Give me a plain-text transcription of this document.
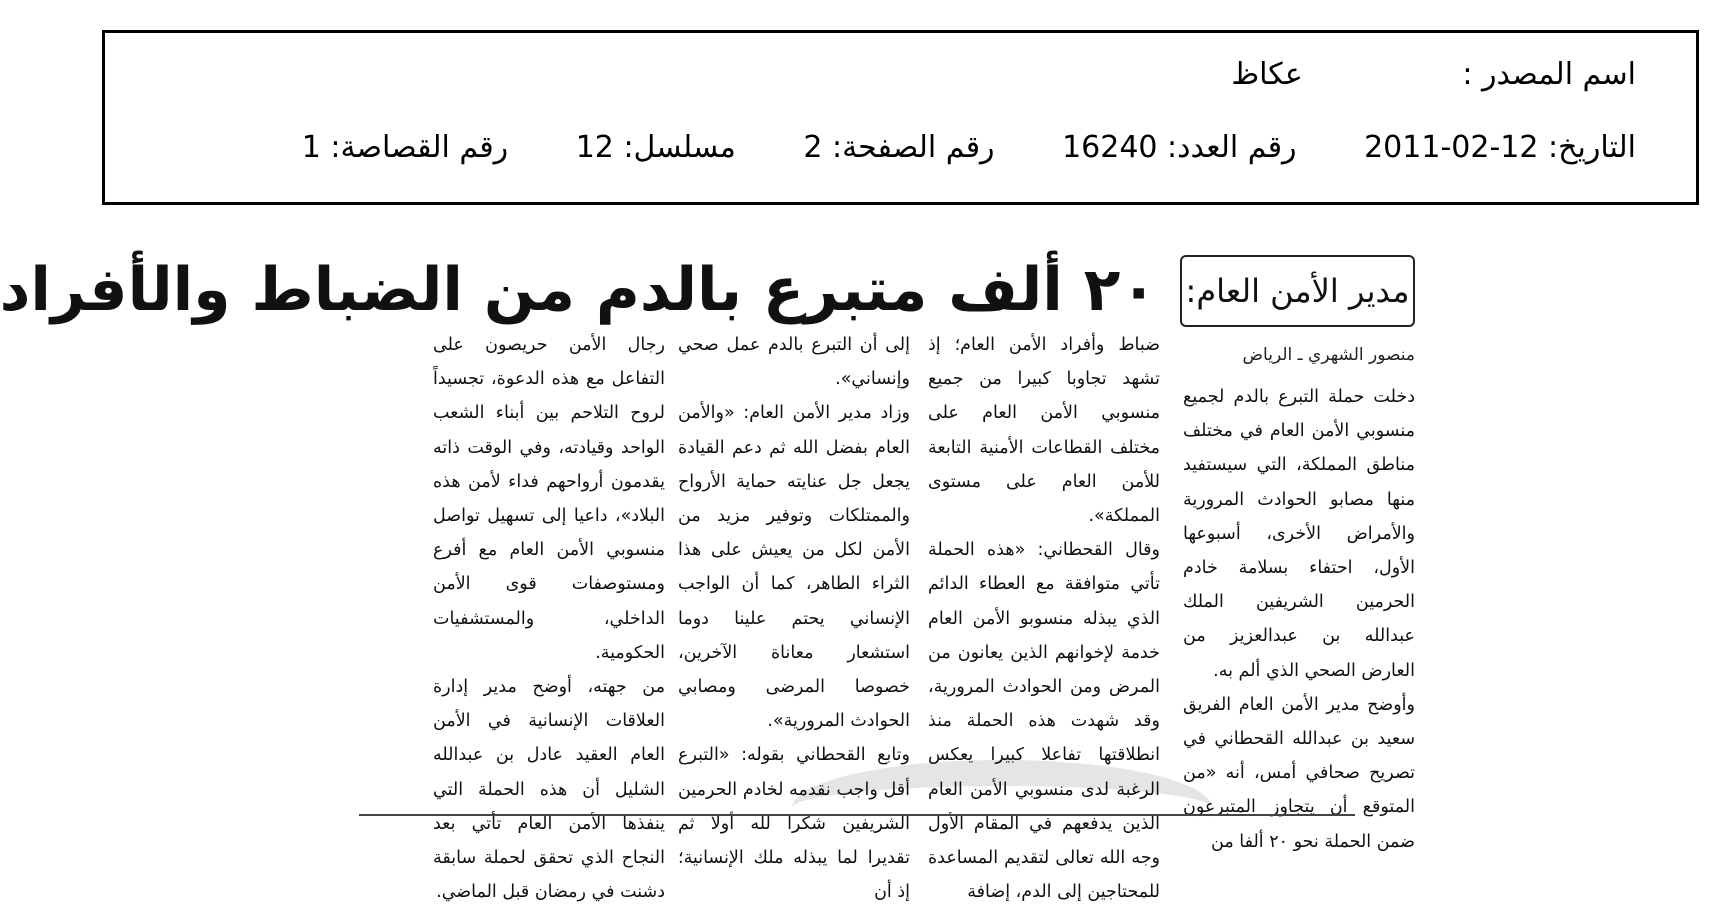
اسم المصدر : عكاظ
التاريخ: 12-02-2011 رقم العدد: 16240 رقم الصفحة: 2 مسلسل: 12 رقم القصاصة: 1
مدير الأمن العام:
٢٠ ألف متبرع بالدم من الضباط والأفراد
منصور الشهري ـ الرياض

دخلت حملة التبرع بالدم لجميع منسوبي الأمن العام في مختلف مناطق المملكة، التي سيستفيد منها مصابو الحوادث المرورية والأمراض الأخرى، أسبوعها الأول، احتفاء بسلامة خادم الحرمين الشريفين الملك عبدالله بن عبدالعزيز من العارض الصحي الذي ألم به.

وأوضح مدير الأمن العام الفريق سعيد بن عبدالله القحطاني في تصريح صحافي أمس، أنه «من المتوقع أن يتجاوز المتبرعون ضمن الحملة نحو ٢٠ ألفا من

ضباط وأفراد الأمن العام؛ إذ تشهد تجاوبا كبيرا من جميع منسوبي الأمن العام على مختلف القطاعات الأمنية التابعة للأمن العام على مستوى المملكة».

وقال القحطاني: «هذه الحملة تأتي متوافقة مع العطاء الدائم الذي يبذله منسوبو الأمن العام خدمة لإخوانهم الذين يعانون من المرض ومن الحوادث المرورية، وقد شهدت هذه الحملة منذ انطلاقتها تفاعلا كبيرا يعكس الرغبة لدى منسوبي الأمن العام الذين يدفعهم في المقام الأول وجه الله تعالى لتقديم المساعدة للمحتاجين إلى الدم، إضافة

إلى أن التبرع بالدم عمل صحي وإنساني».

وزاد مدير الأمن العام: «والأمن العام بفضل الله ثم دعم القيادة يجعل جل عنايته حماية الأرواح والممتلكات وتوفير مزيد من الأمن لكل من يعيش على هذا الثراء الطاهر، كما أن الواجب الإنساني يحتم علينا دوما استشعار معاناة الآخرين، خصوصا المرضى ومصابي الحوادث المرورية».

وتابع القحطاني بقوله: «التبرع أقل واجب نقدمه لخادم الحرمين الشريفين شكرا لله أولا ثم تقديرا لما يبذله ملك الإنسانية؛ إذ أن

رجال الأمن حريصون على التفاعل مع هذه الدعوة، تجسيداً لروح التلاحم بين أبناء الشعب الواحد وقيادته، وفي الوقت ذاته يقدمون أرواحهم فداء لأمن هذه البلاد»، داعيا إلى تسهيل تواصل منسوبي الأمن العام مع أفرع ومستوصفات قوى الأمن الداخلي، والمستشفيات الحكومية.

من جهته، أوضح مدير إدارة العلاقات الإنسانية في الأمن العام العقيد عادل بن عبدالله الشليل أن هذه الحملة التي ينفذها الأمن العام تأتي بعد النجاح الذي تحقق لحملة سابقة دشنت في رمضان قبل الماضي.
